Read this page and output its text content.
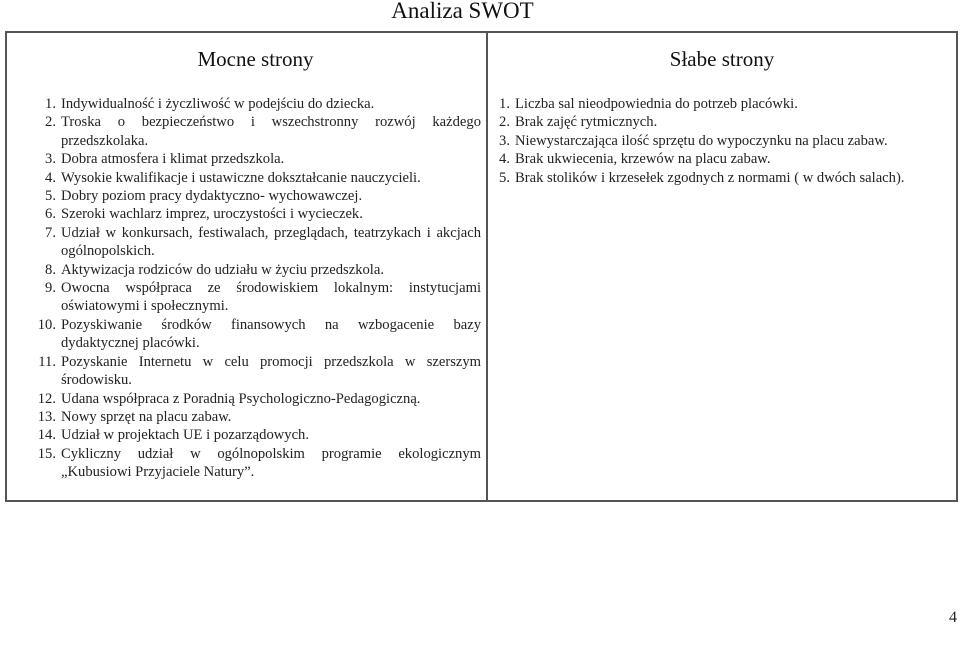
Analiza SWOT
Mocne strony
1. Indywidualność i życzliwość w podejściu do dziecka.
2. Troska o bezpieczeństwo i wszechstronny rozwój każdego przedszkolaka.
3. Dobra atmosfera i klimat przedszkola.
4. Wysokie kwalifikacje i ustawiczne dokształcanie nauczycieli.
5. Dobry poziom pracy dydaktyczno- wychowawczej.
6. Szeroki wachlarz imprez, uroczystości i wycieczek.
7. Udział w konkursach, festiwalach, przeglądach, teatrzykach i akcjach ogólnopolskich.
8. Aktywizacja rodziców do udziału w życiu przedszkola.
9. Owocna współpraca ze środowiskiem lokalnym: instytucjami oświatowymi i społecznymi.
10. Pozyskiwanie środków finansowych na wzbogacenie bazy dydaktycznej placówki.
11. Pozyskanie Internetu w celu promocji przedszkola w szerszym środowisku.
12. Udana współpraca z Poradnią Psychologiczno-Pedagogiczną.
13. Nowy sprzęt na placu zabaw.
14. Udział w projektach UE i pozarządowych.
15. Cykliczny udział w ogólnopolskim programie ekologicznym „Kubusiowi Przyjaciele Natury”.
Słabe strony
1. Liczba sal nieodpowiednia do potrzeb placówki.
2. Brak zajęć rytmicznych.
3. Niewystarczająca ilość sprzętu do wypoczynku na placu zabaw.
4. Brak ukwiecenia, krzewów na placu zabaw.
5. Brak stolików i krzesełek zgodnych z normami ( w dwóch salach).
4
